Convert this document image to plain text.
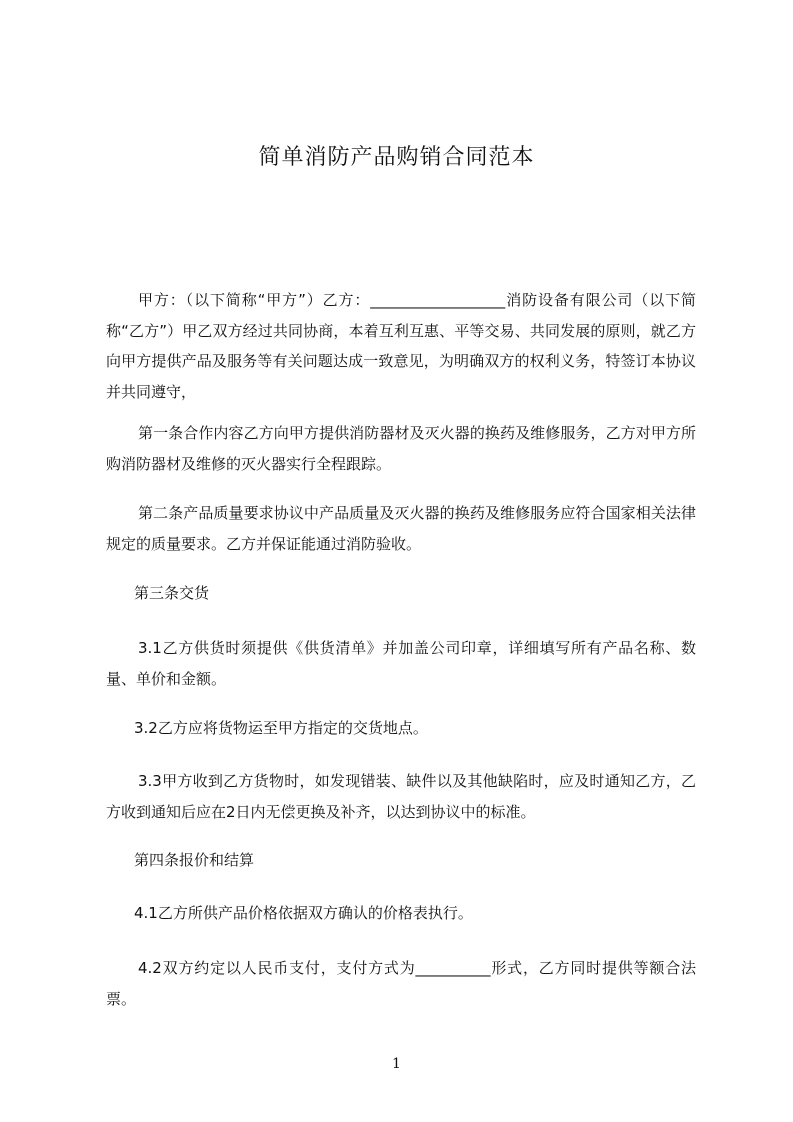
简单消防产品购销合同范本
甲方：（以下简称“甲方”）乙方：__________________消防设备有限公司（以下简称“乙方”）甲乙双方经过共同协商，本着互利互惠、平等交易、共同发展的原则，就乙方向甲方提供产品及服务等有关问题达成一致意见，为明确双方的权利义务，特签订本协议并共同遵守，
第一条合作内容乙方向甲方提供消防器材及灭火器的换药及维修服务，乙方对甲方所购消防器材及维修的灭火器实行全程跟踪。
第二条产品质量要求协议中产品质量及灭火器的换药及维修服务应符合国家相关法律规定的质量要求。乙方并保证能通过消防验收。
第三条交货
3.1乙方供货时须提供《供货清单》并加盖公司印章，详细填写所有产品名称、数量、单价和金额。
3.2乙方应将货物运至甲方指定的交货地点。
3.3甲方收到乙方货物时，如发现错装、缺件以及其他缺陷时，应及时通知乙方，乙方收到通知后应在2日内无偿更换及补齐，以达到协议中的标准。
第四条报价和结算
4.1乙方所供产品价格依据双方确认的价格表执行。
4.2双方约定以人民币支付，支付方式为__________形式，乙方同时提供等额合法票。
1
